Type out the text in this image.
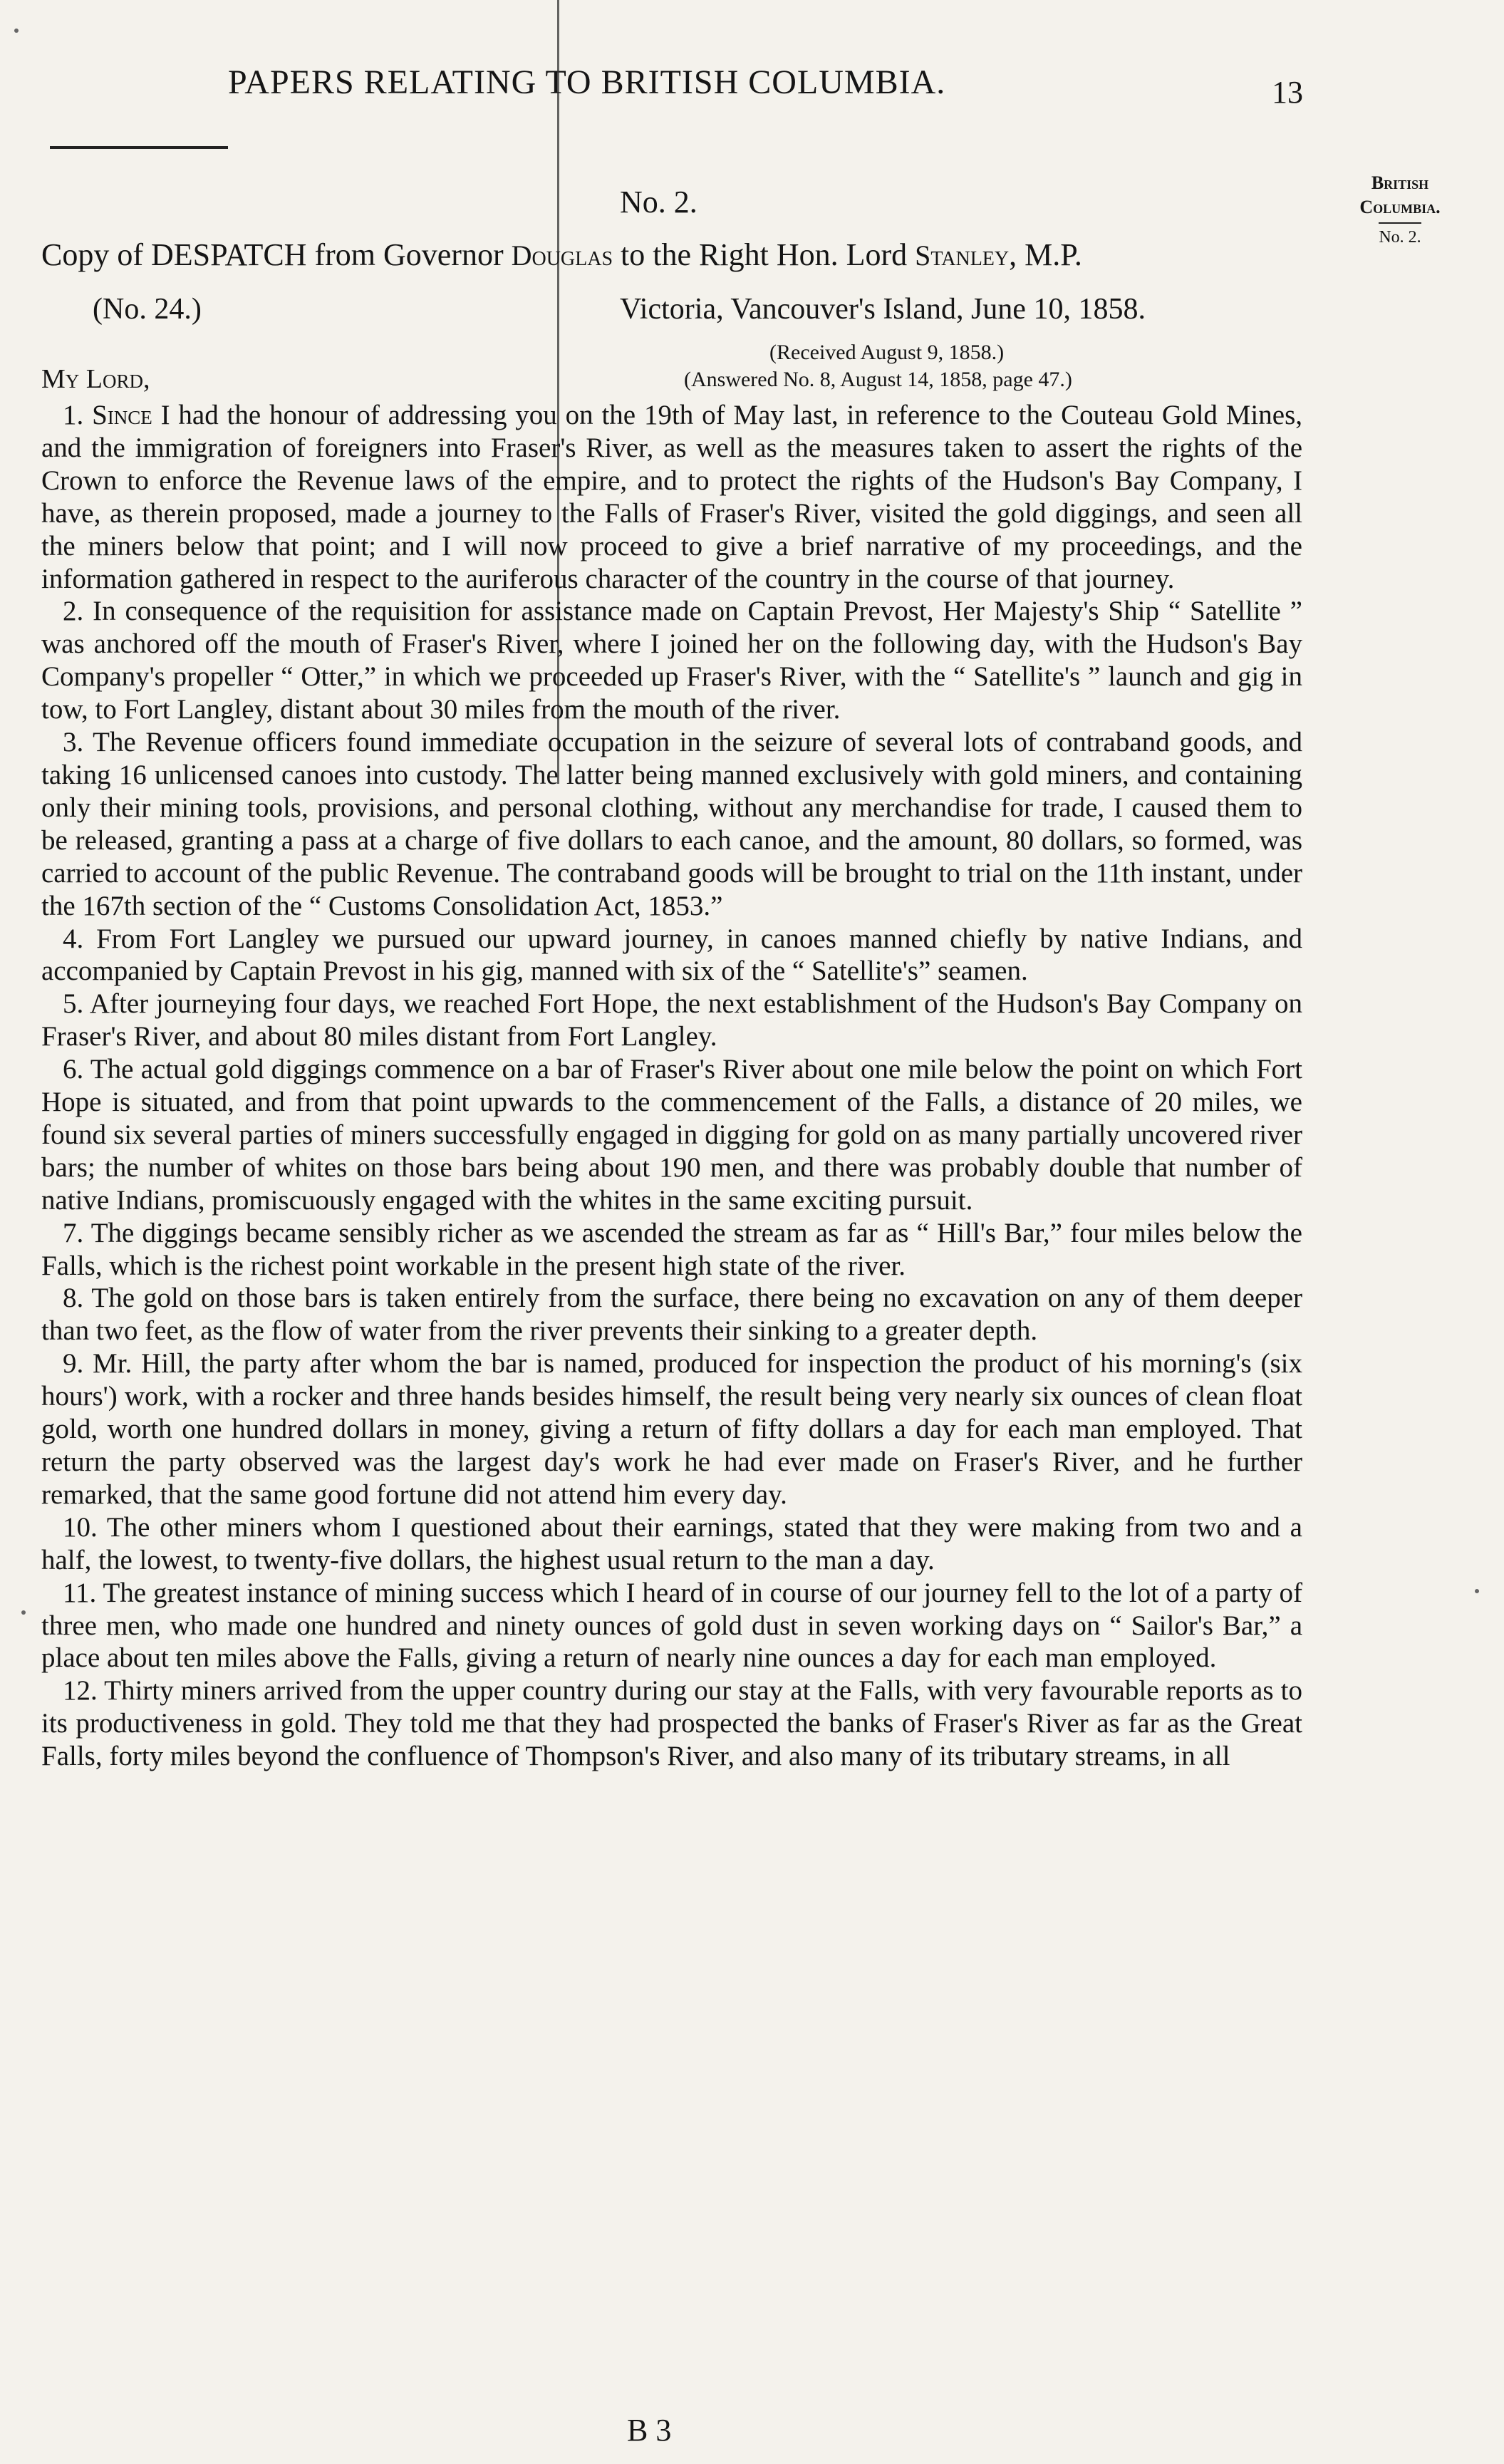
PAPERS RELATING TO BRITISH COLUMBIA.	13
British
Columbia.
No. 2.
No. 2.
Copy of DESPATCH from Governor Douglas to the Right Hon. Lord Stanley, M.P.
(No. 24.)	Victoria, Vancouver's Island, June 10, 1858.
(Received August 9, 1858.)
(Answered No. 8, August 14, 1858, page 47.)
My Lord,

1. Since I had the honour of addressing you on the 19th of May last, in reference to the Couteau Gold Mines, and the immigration of foreigners into Fraser's River, as well as the measures taken to assert the rights of the Crown to enforce the Revenue laws of the empire, and to protect the rights of the Hudson's Bay Company, I have, as therein proposed, made a journey to the Falls of Fraser's River, visited the gold diggings, and seen all the miners below that point; and I will now proceed to give a brief narrative of my proceedings, and the information gathered in respect to the auriferous character of the country in the course of that journey.

2. In consequence of the requisition for assistance made on Captain Prevost, Her Majesty's Ship “ Satellite ” was anchored off the mouth of Fraser's River, where I joined her on the following day, with the Hudson's Bay Company's propeller “ Otter,” in which we proceeded up Fraser's River, with the “ Satellite's ” launch and gig in tow, to Fort Langley, distant about 30 miles from the mouth of the river.

3. The Revenue officers found immediate occupation in the seizure of several lots of contraband goods, and taking 16 unlicensed canoes into custody. The latter being manned exclusively with gold miners, and containing only their mining tools, provisions, and personal clothing, without any merchandise for trade, I caused them to be released, granting a pass at a charge of five dollars to each canoe, and the amount, 80 dollars, so formed, was carried to account of the public Revenue. The contraband goods will be brought to trial on the 11th instant, under the 167th section of the “ Customs Consolidation Act, 1853.”

4. From Fort Langley we pursued our upward journey, in canoes manned chiefly by native Indians, and accompanied by Captain Prevost in his gig, manned with six of the “ Satellite's” seamen.

5. After journeying four days, we reached Fort Hope, the next establishment of the Hudson's Bay Company on Fraser's River, and about 80 miles distant from Fort Langley.

6. The actual gold diggings commence on a bar of Fraser's River about one mile below the point on which Fort Hope is situated, and from that point upwards to the commencement of the Falls, a distance of 20 miles, we found six several parties of miners successfully engaged in digging for gold on as many partially uncovered river bars; the number of whites on those bars being about 190 men, and there was probably double that number of native Indians, promiscuously engaged with the whites in the same exciting pursuit.

7. The diggings became sensibly richer as we ascended the stream as far as “ Hill's Bar,” four miles below the Falls, which is the richest point workable in the present high state of the river.

8. The gold on those bars is taken entirely from the surface, there being no excavation on any of them deeper than two feet, as the flow of water from the river prevents their sinking to a greater depth.

9. Mr. Hill, the party after whom the bar is named, produced for inspection the product of his morning's (six hours') work, with a rocker and three hands besides himself, the result being very nearly six ounces of clean float gold, worth one hundred dollars in money, giving a return of fifty dollars a day for each man employed. That return the party observed was the largest day's work he had ever made on Fraser's River, and he further remarked, that the same good fortune did not attend him every day.

10. The other miners whom I questioned about their earnings, stated that they were making from two and a half, the lowest, to twenty-five dollars, the highest usual return to the man a day.

11. The greatest instance of mining success which I heard of in course of our journey fell to the lot of a party of three men, who made one hundred and ninety ounces of gold dust in seven working days on “ Sailor's Bar,” a place about ten miles above the Falls, giving a return of nearly nine ounces a day for each man employed.

12. Thirty miners arrived from the upper country during our stay at the Falls, with very favourable reports as to its productiveness in gold. They told me that they had prospected the banks of Fraser's River as far as the Great Falls, forty miles beyond the confluence of Thompson's River, and also many of its tributary streams, in all

B 3
